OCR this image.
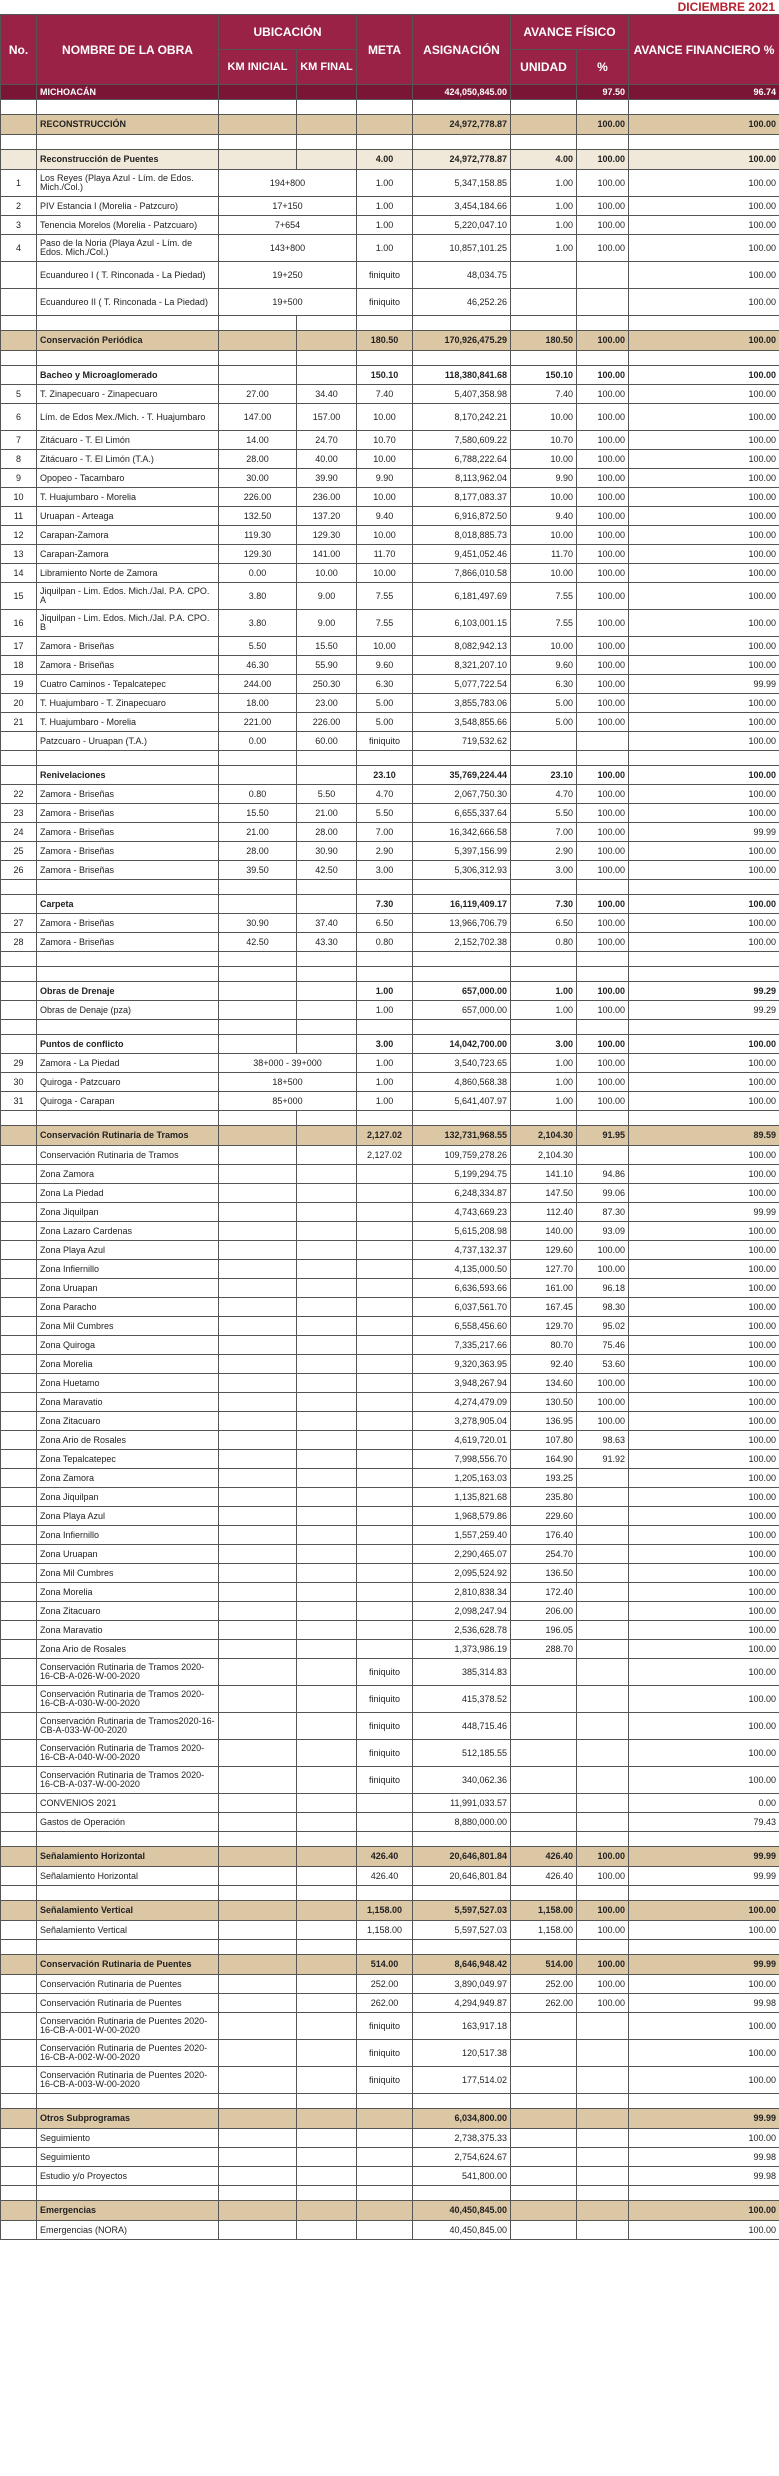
DICIEMBRE 2021
No.	NOMBRE DE LA OBRA	UBICACIÓN		META	ASIGNACIÓN	AVANCE FÍSICO		AVANCE FINANCIERO %
		KM INICIAL	KM FINAL			UNIDAD	%	
	MICHOACÁN				424,050,845.00		97.50	96.74

	RECONSTRUCCIÓN				24,972,778.87		100.00	100.00

	Reconstrucción de Puentes			4.00	24,972,778.87	4.00	100.00	100.00
1	Los Reyes (Playa Azul - Lím. de Edos. Mich./Col.)	194+800		1.00	5,347,158.85	1.00	100.00	100.00
2	PIV Estancia I (Morelia - Patzcuro)	17+150		1.00	3,454,184.66	1.00	100.00	100.00
3	Tenencia Morelos (Morelia - Patzcuaro)	7+654		1.00	5,220,047.10	1.00	100.00	100.00
4	Paso de la Noria (Playa Azul - Lím. de Edos. Mich./Col.)	143+800		1.00	10,857,101.25	1.00	100.00	100.00
	Ecuandureo I ( T. Rinconada - La Piedad)	19+250		finiquito	48,034.75			100.00
	Ecuandureo II ( T. Rinconada - La Piedad)	19+500		finiquito	46,252.26			100.00

	Conservación Periódica			180.50	170,926,475.29	180.50	100.00	100.00

	Bacheo y Microaglomerado			150.10	118,380,841.68	150.10	100.00	100.00
5	T. Zinapecuaro - Zinapecuaro	27.00	34.40	7.40	5,407,358.98	7.40	100.00	100.00
6	Lím. de Edos Mex./Mich. - T. Huajumbaro	147.00	157.00	10.00	8,170,242.21	10.00	100.00	100.00
7	Zitácuaro - T. El Limón	14.00	24.70	10.70	7,580,609.22	10.70	100.00	100.00
8	Zitácuaro - T. El Limón (T.A.)	28.00	40.00	10.00	6,788,222.64	10.00	100.00	100.00
9	Opopeo - Tacambaro	30.00	39.90	9.90	8,113,962.04	9.90	100.00	100.00
10	T. Huajumbaro - Morelia	226.00	236.00	10.00	8,177,083.37	10.00	100.00	100.00
11	Uruapan - Arteaga	132.50	137.20	9.40	6,916,872.50	9.40	100.00	100.00
12	Carapan-Zamora	119.30	129.30	10.00	8,018,885.73	10.00	100.00	100.00
13	Carapan-Zamora	129.30	141.00	11.70	9,451,052.46	11.70	100.00	100.00
14	Libramiento Norte de Zamora	0.00	10.00	10.00	7,866,010.58	10.00	100.00	100.00
15	Jiquilpan - Lim. Edos. Mich./Jal. P.A. CPO. A	3.80	9.00	7.55	6,181,497.69	7.55	100.00	100.00
16	Jiquilpan - Lim. Edos. Mich./Jal. P.A. CPO. B	3.80	9.00	7.55	6,103,001.15	7.55	100.00	100.00
17	Zamora - Briseñas	5.50	15.50	10.00	8,082,942.13	10.00	100.00	100.00
18	Zamora - Briseñas	46.30	55.90	9.60	8,321,207.10	9.60	100.00	100.00
19	Cuatro Caminos - Tepalcatepec	244.00	250.30	6.30	5,077,722.54	6.30	100.00	99.99
20	T. Huajumbaro - T. Zinapecuaro	18.00	23.00	5.00	3,855,783.06	5.00	100.00	100.00
21	T. Huajumbaro - Morelia	221.00	226.00	5.00	3,548,855.66	5.00	100.00	100.00
	Patzcuaro - Uruapan (T.A.)	0.00	60.00	finiquito	719,532.62			100.00

	Renivelaciones			23.10	35,769,224.44	23.10	100.00	100.00
22	Zamora - Briseñas	0.80	5.50	4.70	2,067,750.30	4.70	100.00	100.00
23	Zamora - Briseñas	15.50	21.00	5.50	6,655,337.64	5.50	100.00	100.00
24	Zamora - Briseñas	21.00	28.00	7.00	16,342,666.58	7.00	100.00	99.99
25	Zamora - Briseñas	28.00	30.90	2.90	5,397,156.99	2.90	100.00	100.00
26	Zamora - Briseñas	39.50	42.50	3.00	5,306,312.93	3.00	100.00	100.00

	Carpeta			7.30	16,119,409.17	7.30	100.00	100.00
27	Zamora - Briseñas	30.90	37.40	6.50	13,966,706.79	6.50	100.00	100.00
28	Zamora - Briseñas	42.50	43.30	0.80	2,152,702.38	0.80	100.00	100.00

	Obras de Drenaje			1.00	657,000.00	1.00	100.00	99.29
	Obras de Denaje (pza)			1.00	657,000.00	1.00	100.00	99.29

	Puntos de conflicto			3.00	14,042,700.00	3.00	100.00	100.00
29	Zamora - La Piedad	38+000 - 39+000		1.00	3,540,723.65	1.00	100.00	100.00
30	Quiroga - Patzcuaro	18+500		1.00	4,860,568.38	1.00	100.00	100.00
31	Quiroga - Carapan	85+000		1.00	5,641,407.97	1.00	100.00	100.00

	Conservación Rutinaria de Tramos			2,127.02	132,731,968.55	2,104.30	91.95	89.59
	Conservación Rutinaria de Tramos			2,127.02	109,759,278.26	2,104.30		100.00
	Zona Zamora				5,199,294.75	141.10	94.86	100.00
	Zona La Piedad				6,248,334.87	147.50	99.06	100.00
	Zona Jiquilpan				4,743,669.23	112.40	87.30	99.99
	Zona Lazaro Cardenas				5,615,208.98	140.00	93.09	100.00
	Zona Playa Azul				4,737,132.37	129.60	100.00	100.00
	Zona Infiernillo				4,135,000.50	127.70	100.00	100.00
	Zona Uruapan				6,636,593.66	161.00	96.18	100.00
	Zona Paracho				6,037,561.70	167.45	98.30	100.00
	Zona Mil Cumbres				6,558,456.60	129.70	95.02	100.00
	Zona Quiroga				7,335,217.66	80.70	75.46	100.00
	Zona Morelia				9,320,363.95	92.40	53.60	100.00
	Zona Huetamo				3,948,267.94	134.60	100.00	100.00
	Zona Maravatio				4,274,479.09	130.50	100.00	100.00
	Zona Zitacuaro				3,278,905.04	136.95	100.00	100.00
	Zona Ario de Rosales				4,619,720.01	107.80	98.63	100.00
	Zona Tepalcatepec				7,998,556.70	164.90	91.92	100.00
	Zona Zamora				1,205,163.03	193.25		100.00
	Zona Jiquilpan				1,135,821.68	235.80		100.00
	Zona Playa Azul				1,968,579.86	229.60		100.00
	Zona Infiernillo				1,557,259.40	176.40		100.00
	Zona Uruapan				2,290,465.07	254.70		100.00
	Zona Mil Cumbres				2,095,524.92	136.50		100.00
	Zona Morelia				2,810,838.34	172.40		100.00
	Zona Zitacuaro				2,098,247.94	206.00		100.00
	Zona Maravatio				2,536,628.78	196.05		100.00
	Zona Ario de Rosales				1,373,986.19	288.70		100.00
	Conservación Rutinaria de Tramos 2020-16-CB-A-026-W-00-2020			finiquito	385,314.83			100.00
	Conservación Rutinaria de Tramos 2020-16-CB-A-030-W-00-2020			finiquito	415,378.52			100.00
	Conservación Rutinaria de Tramos2020-16-CB-A-033-W-00-2020			finiquito	448,715.46			100.00
	Conservación Rutinaria de Tramos 2020-16-CB-A-040-W-00-2020			finiquito	512,185.55			100.00
	Conservación Rutinaria de Tramos 2020-16-CB-A-037-W-00-2020			finiquito	340,062.36			100.00
	CONVENIOS 2021				11,991,033.57			0.00
	Gastos de Operación				8,880,000.00			79.43

	Señalamiento Horizontal			426.40	20,646,801.84	426.40	100.00	99.99
	Señalamiento Horizontal			426.40	20,646,801.84	426.40	100.00	99.99

	Señalamiento Vertical			1,158.00	5,597,527.03	1,158.00	100.00	100.00
	Señalamiento Vertical			1,158.00	5,597,527.03	1,158.00	100.00	100.00

	Conservación Rutinaria de Puentes			514.00	8,646,948.42	514.00	100.00	99.99
	Conservación Rutinaria de Puentes			252.00	3,890,049.97	252.00	100.00	100.00
	Conservación Rutinaria de Puentes			262.00	4,294,949.87	262.00	100.00	99.98
	Conservación Rutinaria de Puentes 2020-16-CB-A-001-W-00-2020			finiquito	163,917.18			100.00
	Conservación Rutinaria de Puentes 2020-16-CB-A-002-W-00-2020			finiquito	120,517.38			100.00
	Conservación Rutinaria de Puentes 2020-16-CB-A-003-W-00-2020			finiquito	177,514.02			100.00

	Otros Subprogramas				6,034,800.00			99.99
	Seguimiento				2,738,375.33			100.00
	Seguimiento				2,754,624.67			99.98
	Estudio y/o Proyectos				541,800.00			99.98

	Emergencias				40,450,845.00			100.00
	Emergencias (NORA)				40,450,845.00			100.00
